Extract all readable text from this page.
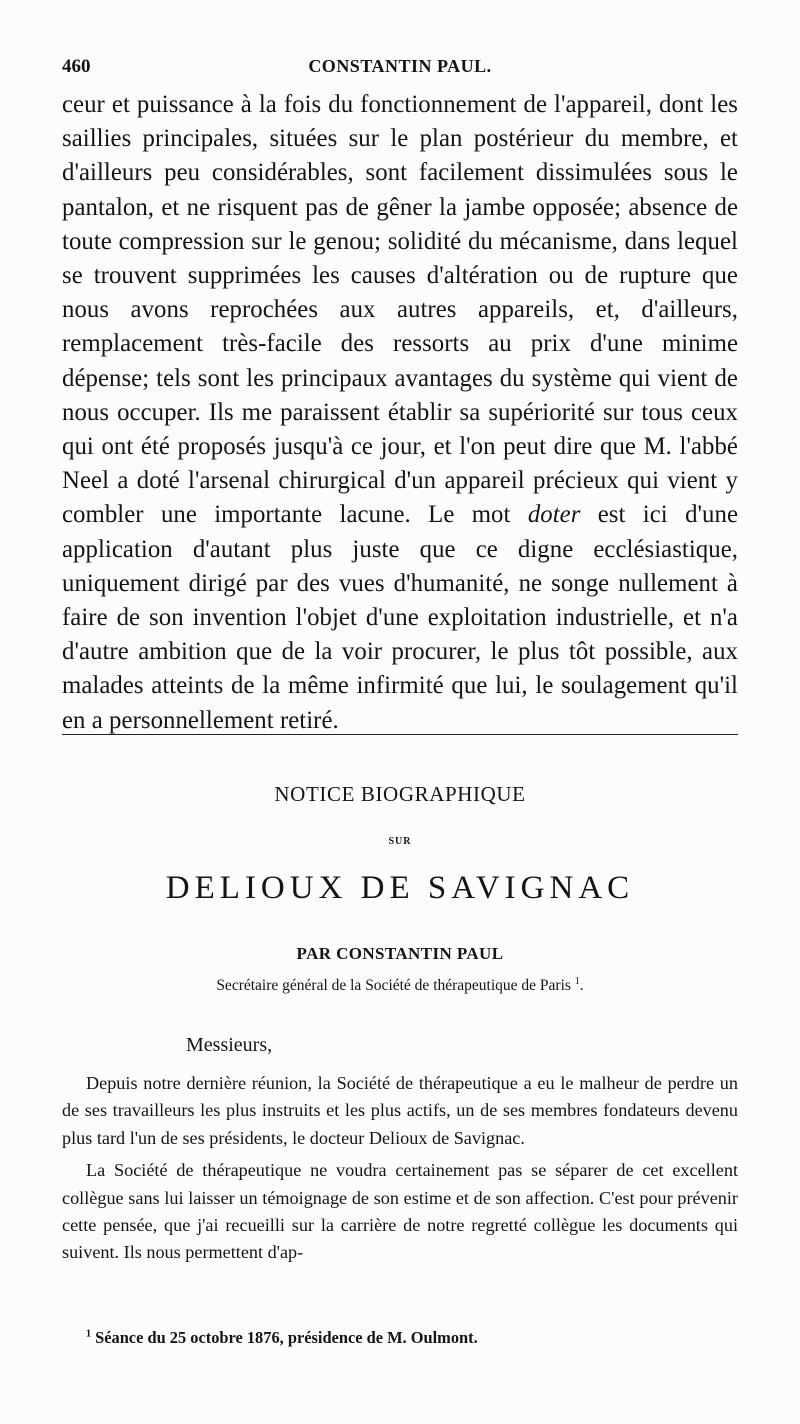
460	CONSTANTIN PAUL.

ceur et puissance à la fois du fonctionnement de l'appareil, dont les saillies principales, situées sur le plan postérieur du membre, et d'ailleurs peu considérables, sont facilement dissimulées sous le pantalon, et ne risquent pas de gêner la jambe opposée; absence de toute compression sur le genou; solidité du mécanisme, dans lequel se trouvent supprimées les causes d'altération ou de rupture que nous avons reprochées aux autres appareils, et, d'ailleurs, remplacement très-facile des ressorts au prix d'une minime dépense; tels sont les principaux avantages du système qui vient de nous occuper. Ils me paraissent établir sa supériorité sur tous ceux qui ont été proposés jusqu'à ce jour, et l'on peut dire que M. l'abbé Neel a doté l'arsenal chirurgical d'un appareil précieux qui vient y combler une importante lacune. Le mot doter est ici d'une application d'autant plus juste que ce digne ecclésiastique, uniquement dirigé par des vues d'humanité, ne songe nullement à faire de son invention l'objet d'une exploitation industrielle, et n'a d'autre ambition que de la voir procurer, le plus tôt possible, aux malades atteints de la même infirmité que lui, le soulagement qu'il en a personnellement retiré.

NOTICE BIOGRAPHIQUE
SUR
DELIOUX DE SAVIGNAC
PAR CONSTANTIN PAUL
Secrétaire général de la Société de thérapeutique de Paris $^1$.
Messieurs,

Depuis notre dernière réunion, la Société de thérapeutique a eu le malheur de perdre un de ses travailleurs les plus instruits et les plus actifs, un de ses membres fondateurs devenu plus tard l'un de ses présidents, le docteur Delioux de Savignac.

La Société de thérapeutique ne voudra certainement pas se séparer de cet excellent collègue sans lui laisser un témoignage de son estime et de son affection. C'est pour prévenir cette pensée, que j'ai recueilli sur la carrière de notre regretté collègue les documents qui suivent. Ils nous permettent d'ap-

$^1$ Séance du 25 octobre 1876, présidence de M. Oulmont.
